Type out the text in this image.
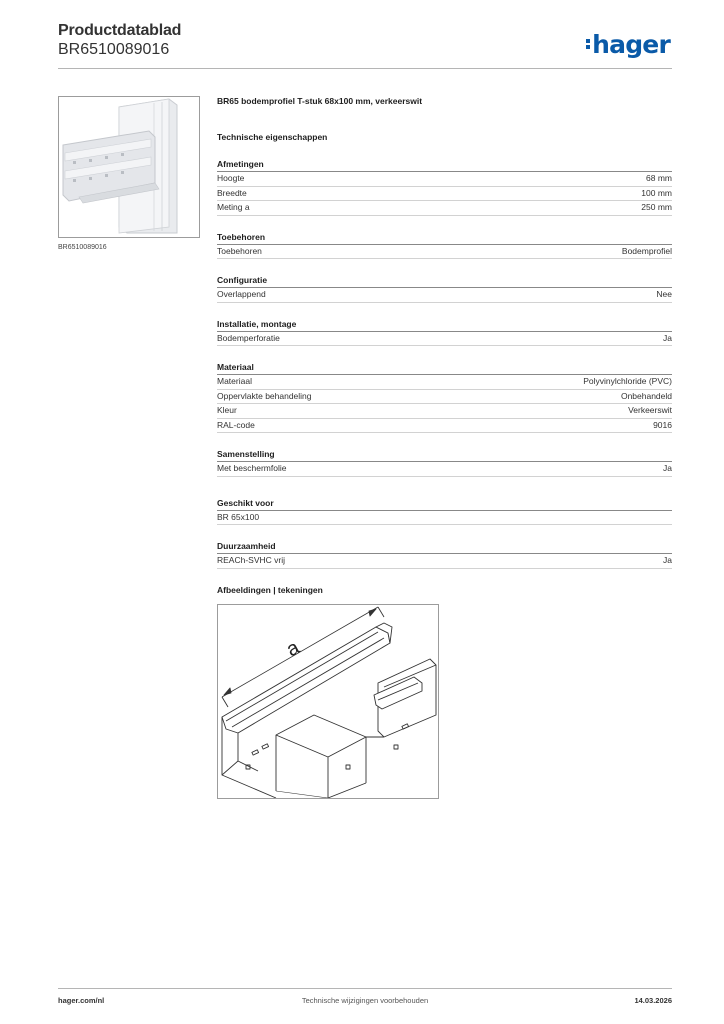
Productdatablad
BR6510089016	hager
BR6510089016
BR65 bodemprofiel T-stuk 68x100 mm, verkeerswit
Technische eigenschappen
Afmetingen
Hoogte	68 mm
Breedte	100 mm
Meting a	250 mm
Toebehoren
Toebehoren	Bodemprofiel
Configuratie
Overlappend	Nee
Installatie, montage
Bodemperforatie	Ja
Materiaal
Materiaal	Polyvinylchloride (PVC)
Oppervlakte behandeling	Onbehandeld
Kleur	Verkeerswit
RAL-code	9016
Samenstelling
Met beschermfolie	Ja
Geschikt voor
BR 65x100
Duurzaamheid
REACh-SVHC vrij	Ja
Afbeeldingen | tekeningen
a
hager.com/nl	Technische wijzigingen voorbehouden	14.03.2026
